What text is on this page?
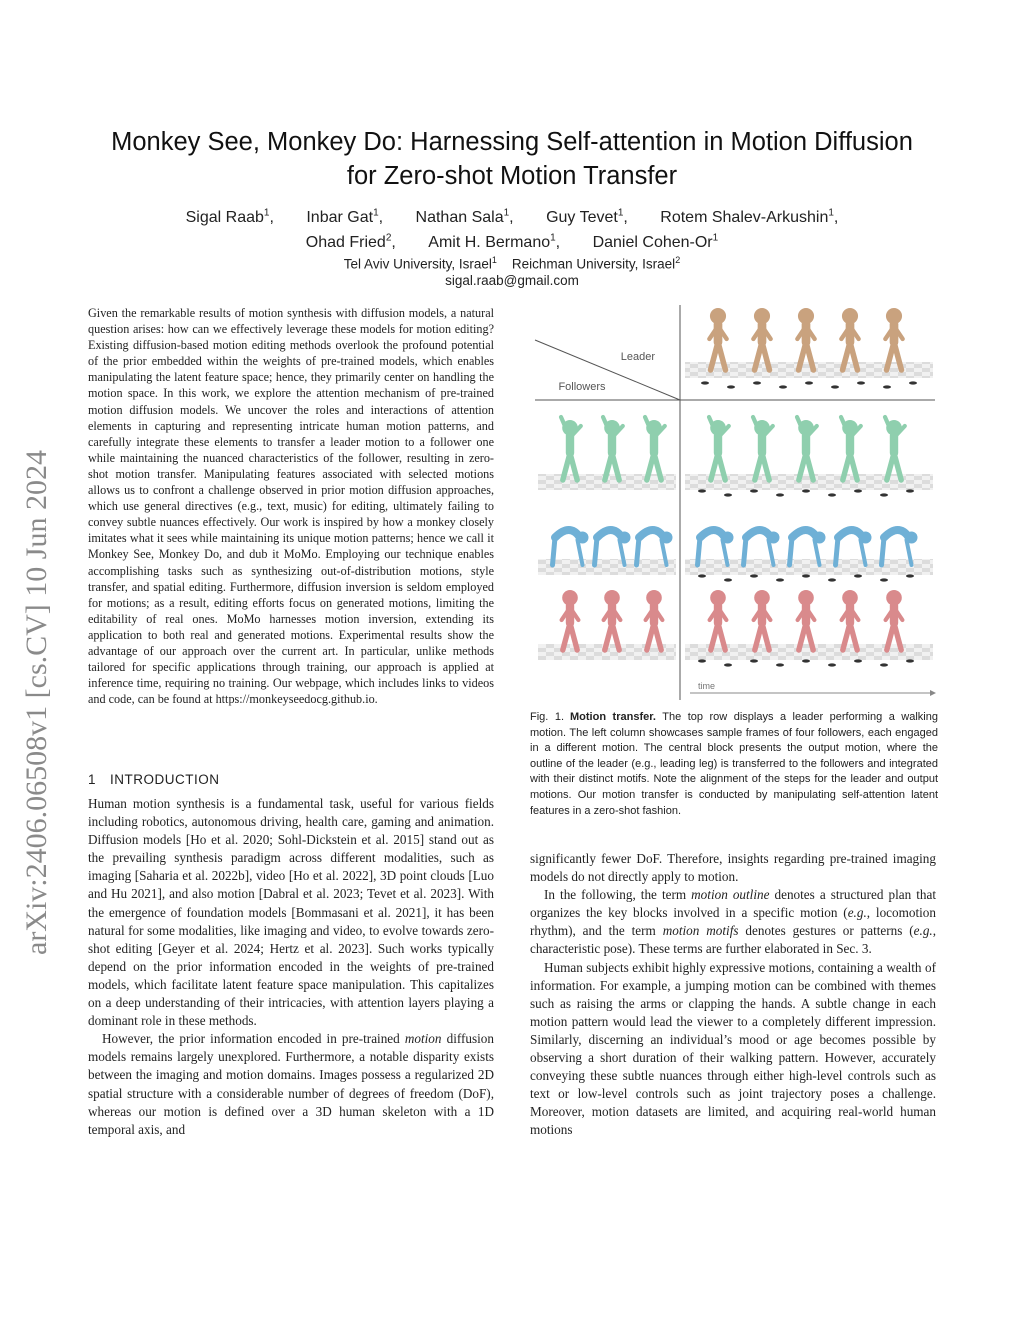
arXiv:2406.06508v1 [cs.CV] 10 Jun 2024
Monkey See, Monkey Do: Harnessing Self-attention in Motion Diffusion
for Zero-shot Motion Transfer
Sigal Raab$^1$, Inbar Gat$^1$, Nathan Sala$^1$, Guy Tevet$^1$, Rotem Shalev-Arkushin$^1$,
Ohad Fried$^2$, Amit H. Bermano$^1$, Daniel Cohen-Or$^1$
Tel Aviv University, Israel$^1$ Reichman University, Israel$^2$
sigal.raab@gmail.com

Given the remarkable results of motion synthesis with diffusion models, a natural question arises: how can we effectively leverage these models for motion editing? Existing diffusion-based motion editing methods overlook the profound potential of the prior embedded within the weights of pre-trained models, which enables manipulating the latent feature space; hence, they primarily center on handling the motion space. In this work, we explore the attention mechanism of pre-trained motion diffusion models. We uncover the roles and interactions of attention elements in capturing and representing intricate human motion patterns, and carefully integrate these elements to transfer a leader motion to a follower one while maintaining the nuanced characteristics of the follower, resulting in zero-shot motion transfer. Manipulating features associated with selected motions allows us to confront a challenge observed in prior motion diffusion approaches, which use general directives (e.g., text, music) for editing, ultimately failing to convey subtle nuances effectively. Our work is inspired by how a monkey closely imitates what it sees while maintaining its unique motion patterns; hence we call it Monkey See, Monkey Do, and dub it MoMo. Employing our technique enables accomplishing tasks such as synthesizing out-of-distribution motions, style transfer, and spatial editing. Furthermore, diffusion inversion is seldom employed for motions; as a result, editing efforts focus on generated motions, limiting the editability of real ones. MoMo harnesses motion inversion, extending its application to both real and generated motions. Experimental results show the advantage of our approach over the current art. In particular, unlike methods tailored for specific applications through training, our approach is applied at inference time, requiring no training. Our webpage, which includes links to videos and code, can be found at https://monkeyseedocg.github.io.

1 INTRODUCTION

Human motion synthesis is a fundamental task, useful for various fields including robotics, autonomous driving, health care, gaming and animation. Diffusion models [Ho et al. 2020; Sohl-Dickstein et al. 2015] stand out as the prevailing synthesis paradigm across different modalities, such as imaging [Saharia et al. 2022b], video [Ho et al. 2022], 3D point clouds [Luo and Hu 2021], and also motion [Dabral et al. 2023; Tevet et al. 2023]. With the emergence of foundation models [Bommasani et al. 2021], it has been natural for some modalities, like imaging and video, to evolve towards zero-shot editing [Geyer et al. 2024; Hertz et al. 2023]. Such works typically depend on the prior information encoded in the weights of pre-trained models, which facilitate latent feature space manipulation. This capitalizes on a deep understanding of their intricacies, with attention layers playing a dominant role in these methods.

However, the prior information encoded in pre-trained motion diffusion models remains largely unexplored. Furthermore, a notable disparity exists between the imaging and motion domains. Images possess a regularized 2D spatial structure with a considerable number of degrees of freedom (DoF), whereas our motion is defined over a 3D human skeleton with a 1D temporal axis, and

Leader
Followers
time
Fig. 1. Motion transfer. The top row displays a leader performing a walking motion. The left column showcases sample frames of four followers, each engaged in a different motion. The central block presents the output motion, where the outline of the leader (e.g., leading leg) is transferred to the followers and integrated with their distinct motifs. Note the alignment of the steps for the leader and output motions. Our motion transfer is conducted by manipulating self-attention latent features in a zero-shot fashion.

significantly fewer DoF. Therefore, insights regarding pre-trained imaging models do not directly apply to motion.

In the following, the term motion outline denotes a structured plan that organizes the key blocks involved in a specific motion (e.g., locomotion rhythm), and the term motion motifs denotes gestures or patterns (e.g., characteristic pose). These terms are further elaborated in Sec. 3.

Human subjects exhibit highly expressive motions, containing a wealth of information. For example, a jumping motion can be combined with themes such as raising the arms or clapping the hands. A subtle change in each motion pattern would lead the viewer to a completely different impression. Similarly, discerning an individual’s mood or age becomes possible by observing a short duration of their walking pattern. However, accurately conveying these subtle nuances through either high-level controls such as text or low-level controls such as joint trajectory poses a challenge. Moreover, motion datasets are limited, and acquiring real-world human motions
